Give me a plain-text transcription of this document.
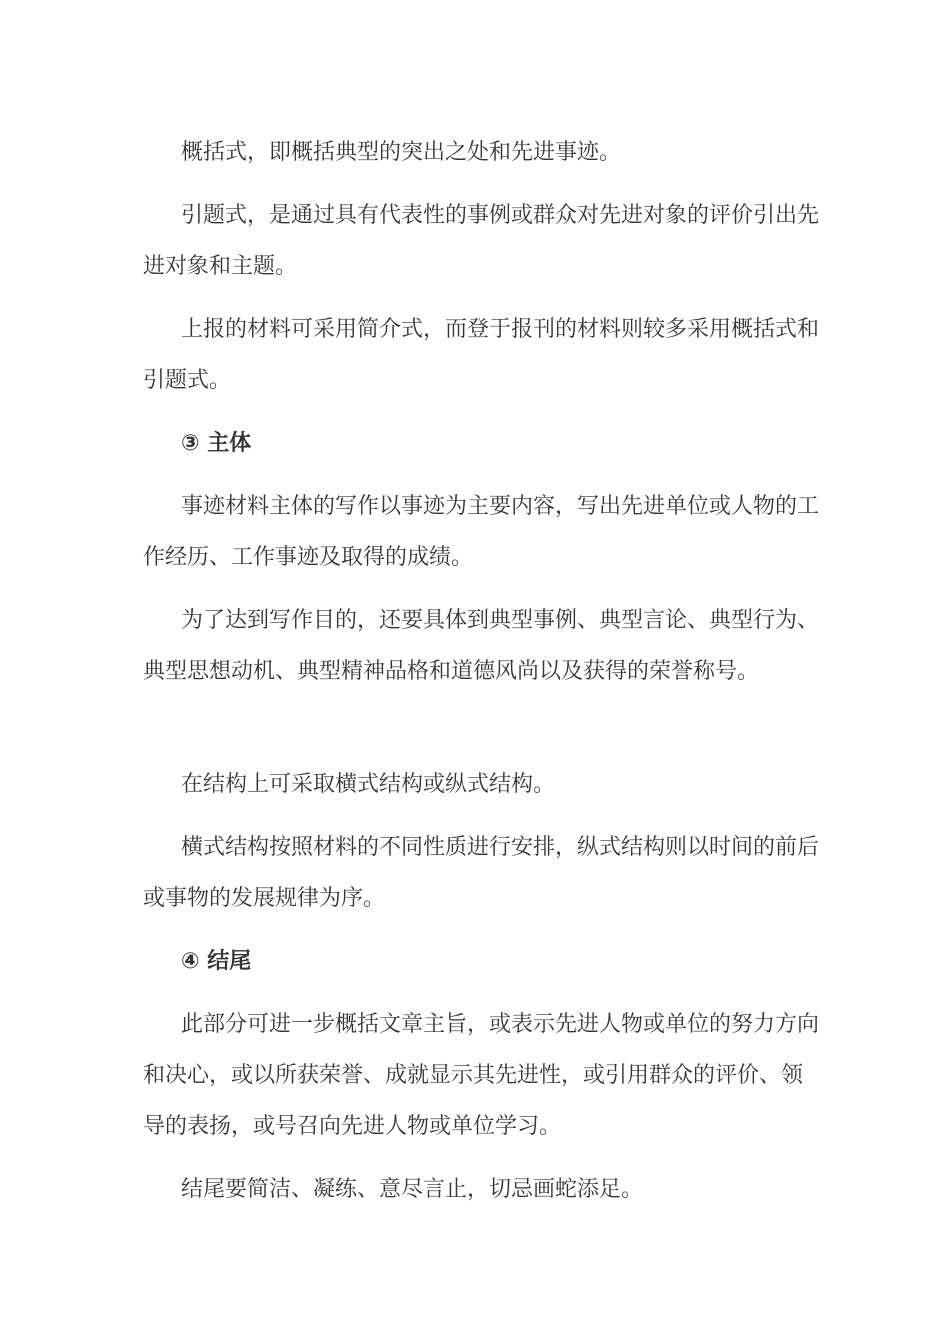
概括式，即概括典型的突出之处和先进事迹。

引题式，是通过具有代表性的事例或群众对先进对象的评价引出先进对象和主题。

上报的材料可采用简介式，而登于报刊的材料则较多采用概括式和引题式。

③ 主体

事迹材料主体的写作以事迹为主要内容，写出先进单位或人物的工作经历、工作事迹及取得的成绩。

为了达到写作目的，还要具体到典型事例、典型言论、典型行为、典型思想动机、典型精神品格和道德风尚以及获得的荣誉称号。

在结构上可采取横式结构或纵式结构。

横式结构按照材料的不同性质进行安排，纵式结构则以时间的前后或事物的发展规律为序。

④ 结尾

此部分可进一步概括文章主旨，或表示先进人物或单位的努力方向和决心，或以所获荣誉、成就显示其先进性，或引用群众的评价、领导的表扬，或号召向先进人物或单位学习。

结尾要简洁、凝练、意尽言止，切忌画蛇添足。
